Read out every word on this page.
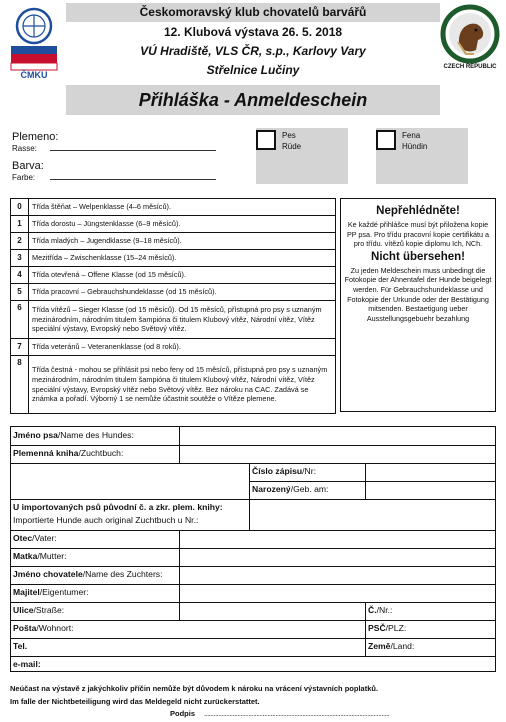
ČMKU
CZECH REPUBLIC
Českomoravský klub chovatelů barvářů
12. Klubová výstava 26. 5. 2018
VÚ Hradiště, VLS ČR, s.p., Karlovy Vary
Střelnice Lučiny
Přihláška - Anmeldeschein
Plemeno:
Rasse:
Barva:
Farbe:
Pes
Rüde
Fena
Hündin
0	Třída štěňat – Welpenklasse (4–6 měsíců).
1	Třída dorostu – Jüngstenklasse (6–9 měsíců).
2	Třída mladých – Jugendklasse (9–18 měsíců).
3	Mezitřída – Zwischenklasse (15–24 měsíců).
4	Třída otevřená – Offene Klasse (od 15 měsíců).
5	Třída pracovní – Gebrauchshundeklasse (od 15 měsíců).
6	Třída vítězů – Sieger Klasse (od 15 měsíců). Od 15 měsíců, přístupná pro psy s uznaným mezinárodním, národním titulem šampióna či titulem Klubový vítěz, Národní vítěz, Vítěz speciální výstavy, Evropský nebo Světový vítěz.
7	Třída veteránů – Veteranenklasse (od 8 roků).
8	Třída čestná - mohou se přihlásit psi nebo feny od 15 měsíců, přístupná pro psy s uznaným mezinárodním, národním titulem šampióna či titulem Klubový vítěz, Národní vítěz, Vítěz speciální výstavy, Evropský vítěz nebo Světový vítěz. Bez nároku na CAC. Zadává se známka a pořadí. Výborný 1 se nemůže účastnit soutěže o Vítěze plemene.
Nepřehlédněte!
Ke každé přihlášce musí být přiložena kopie PP psa. Pro třídu pracovní kopie certifikátu a pro třídu. vítězů kopie diplomu Ich, NCh.
Nicht übersehen!
Zu jeden Meldeschein muss unbedingt die Fotokopie der Ahnentafel der Hunde beigelegt werden. Für Gebrauchshundeklasse und Fotokopie der Urkunde oder der Bestätigung mitsenden. Bestaetigung ueber Ausstellungsgebuehr bezahlung
Jméno psa/Name des Hundes:
Plemenná kniha/Zuchtbuch:
Číslo zápisu/Nr:
Narozený/Geb. am:
U importovaných psů původní č. a zkr. plem. knihy:
Importierte Hunde auch original Zuchtbuch u Nr.:
Otec/Vater:
Matka/Mutter:
Jméno chovatele/Name des Zuchters:
Majitel/Eigentumer:
Ulice/Straße:	Č./Nr.:
Pošta/Wohnort:	PSČ/PLZ:
Tel.	Země/Land:
e-mail:
Neúčast na výstavě z jakýchkoliv příčin nemůže být důvodem k nároku na vrácení výstavních poplatků.
Im falle der Nichtbeteiligung wird das Meldegeld nicht zurückerstattet.
Podpis .....................................................................................................................
